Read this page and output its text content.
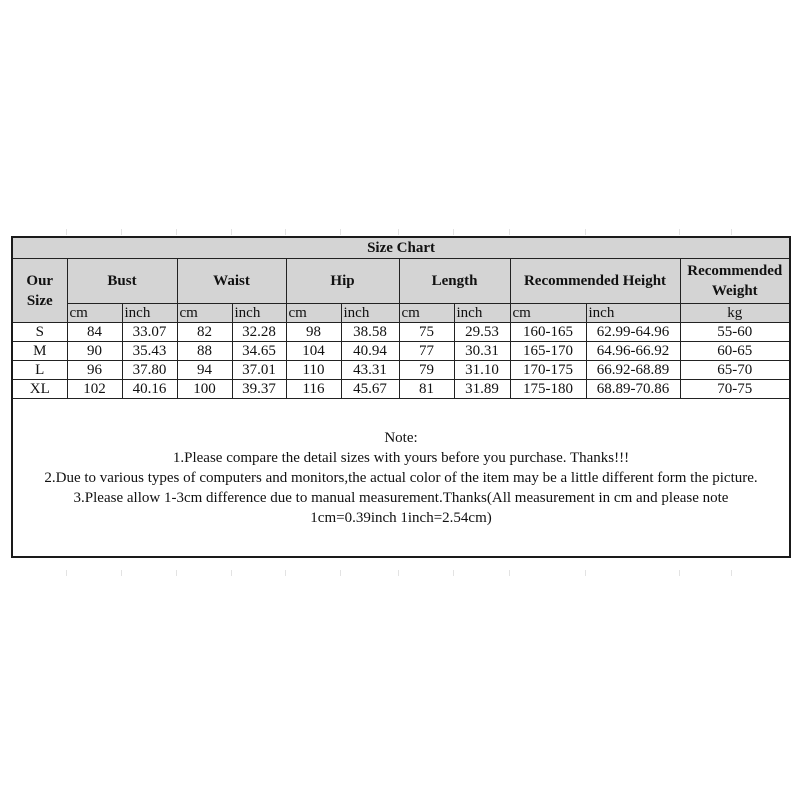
Size Chart											
Our Size	Bust		Waist		Hip		Length		Recommended Height		Recommended Weight
	cm	inch	cm	inch	cm	inch	cm	inch	cm	inch	kg
S	84	33.07	82	32.28	98	38.58	75	29.53	160-165	62.99-64.96	55-60
M	90	35.43	88	34.65	104	40.94	77	30.31	165-170	64.96-66.92	60-65
L	96	37.80	94	37.01	110	43.31	79	31.10	170-175	66.92-68.89	65-70
XL	102	40.16	100	39.37	116	45.67	81	31.89	175-180	68.89-70.86	70-75

Note:
1.Please compare the detail sizes with yours before you purchase. Thanks!!!
2.Due to various types of computers and monitors,the actual color of the item may be a little different form the picture.
3.Please allow 1-3cm difference due to manual measurement.Thanks(All measurement in cm and please note
1cm=0.39inch 1inch=2.54cm)											
